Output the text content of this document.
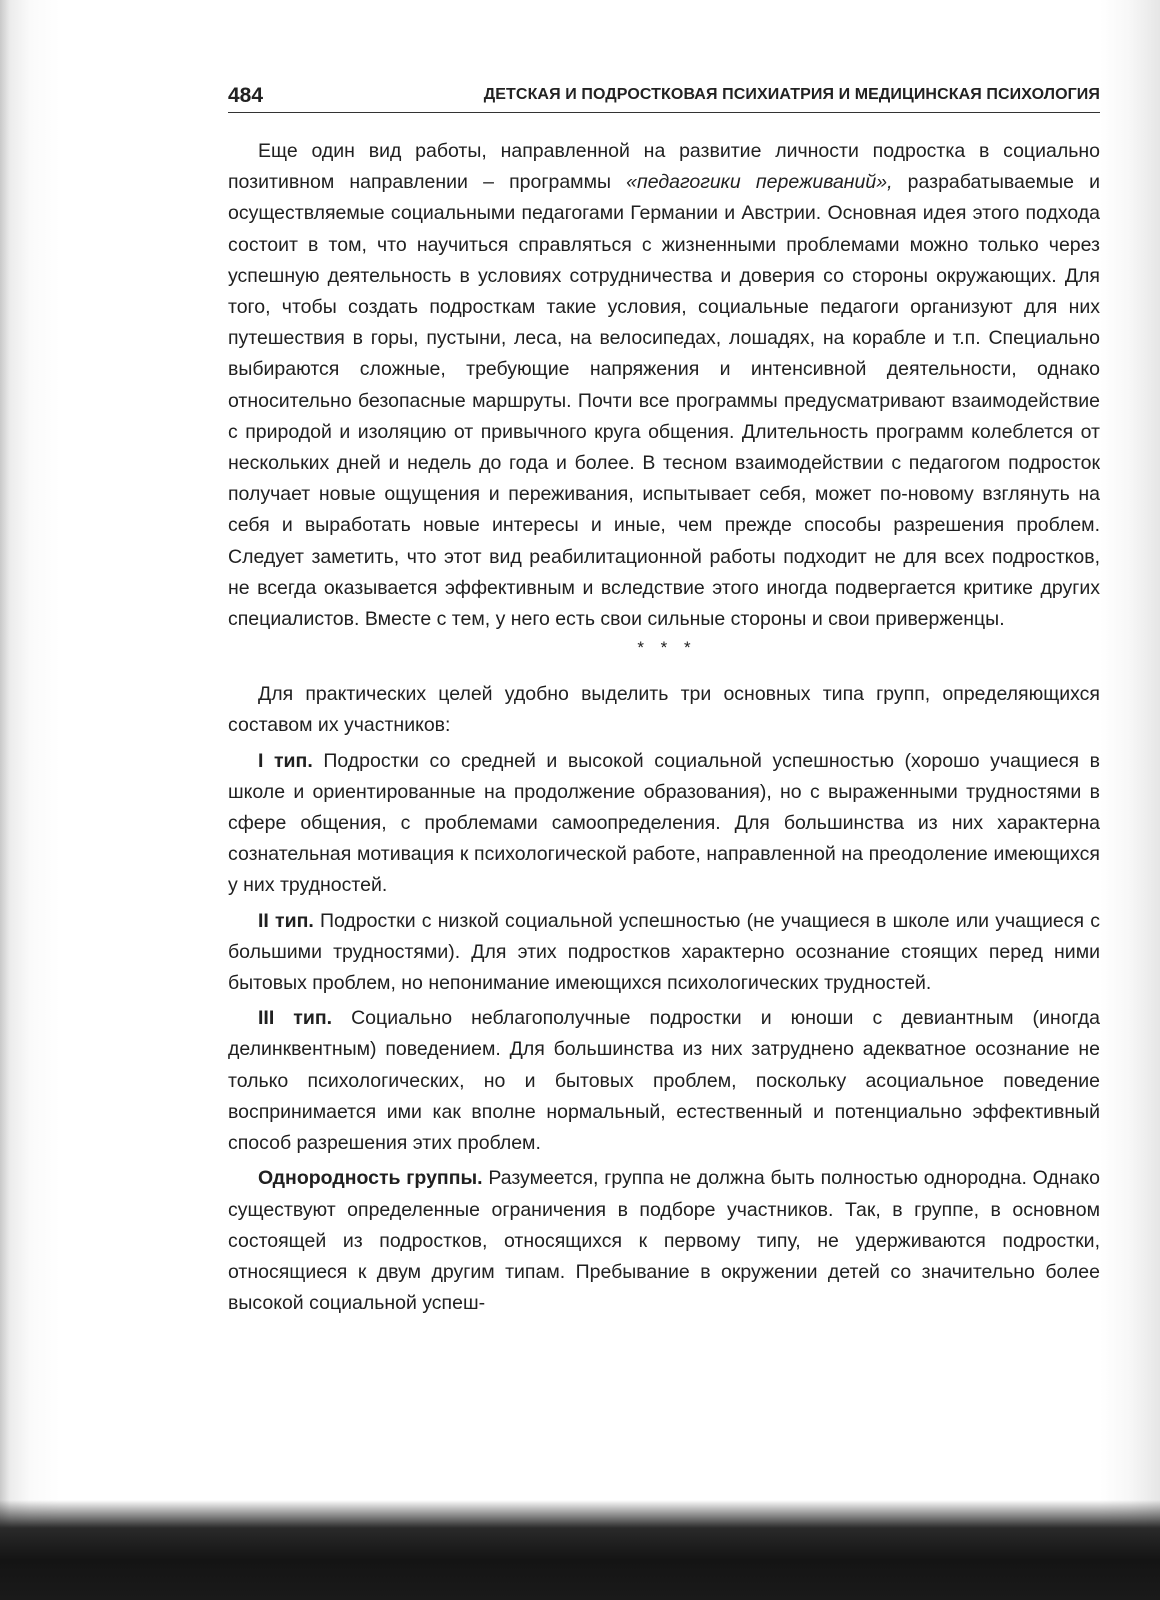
484	ДЕТСКАЯ И ПОДРОСТКОВАЯ ПСИХИАТРИЯ И МЕДИЦИНСКАЯ ПСИХОЛОГИЯ

Еще один вид работы, направленной на развитие личности подростка в социально позитивном направлении – программы «педагогики переживаний», разрабатываемые и осуществляемые социальными педагогами Германии и Австрии. Основная идея этого подхода состоит в том, что научиться справляться с жизненными проблемами можно только через успешную деятельность в условиях сотрудничества и доверия со стороны окружающих. Для того, чтобы создать подросткам такие условия, социальные педагоги организуют для них путешествия в горы, пустыни, леса, на велосипедах, лошадях, на корабле и т.п. Специально выбираются сложные, требующие напряжения и интенсивной деятельности, однако относительно безопасные маршруты. Почти все программы предусматривают взаимодействие с природой и изоляцию от привычного круга общения. Длительность программ колеблется от нескольких дней и недель до года и более. В тесном взаимодействии с педагогом подросток получает новые ощущения и переживания, испытывает себя, может по-новому взглянуть на себя и выработать новые интересы и иные, чем прежде способы разрешения проблем. Следует заметить, что этот вид реабилитационной работы подходит не для всех подростков, не всегда оказывается эффективным и вследствие этого иногда подвергается критике других специалистов. Вместе с тем, у него есть свои сильные стороны и свои приверженцы.

* * *

Для практических целей удобно выделить три основных типа групп, определяющихся составом их участников:

I тип. Подростки со средней и высокой социальной успешностью (хорошо учащиеся в школе и ориентированные на продолжение образования), но с выраженными трудностями в сфере общения, с проблемами самоопределения. Для большинства из них характерна сознательная мотивация к психологической работе, направленной на преодоление имеющихся у них трудностей.

II тип. Подростки с низкой социальной успешностью (не учащиеся в школе или учащиеся с большими трудностями). Для этих подростков характерно осознание стоящих перед ними бытовых проблем, но непонимание имеющихся психологических трудностей.

III тип. Социально неблагополучные подростки и юноши с девиантным (иногда делинквентным) поведением. Для большинства из них затруднено адекватное осознание не только психологических, но и бытовых проблем, поскольку асоциальное поведение воспринимается ими как вполне нормальный, естественный и потенциально эффективный способ разрешения этих проблем.

Однородность группы. Разумеется, группа не должна быть полностью однородна. Однако существуют определенные ограничения в подборе участников. Так, в группе, в основном состоящей из подростков, относящихся к первому типу, не удерживаются подростки, относящиеся к двум другим типам. Пребывание в окружении детей со значительно более высокой социальной успеш-
